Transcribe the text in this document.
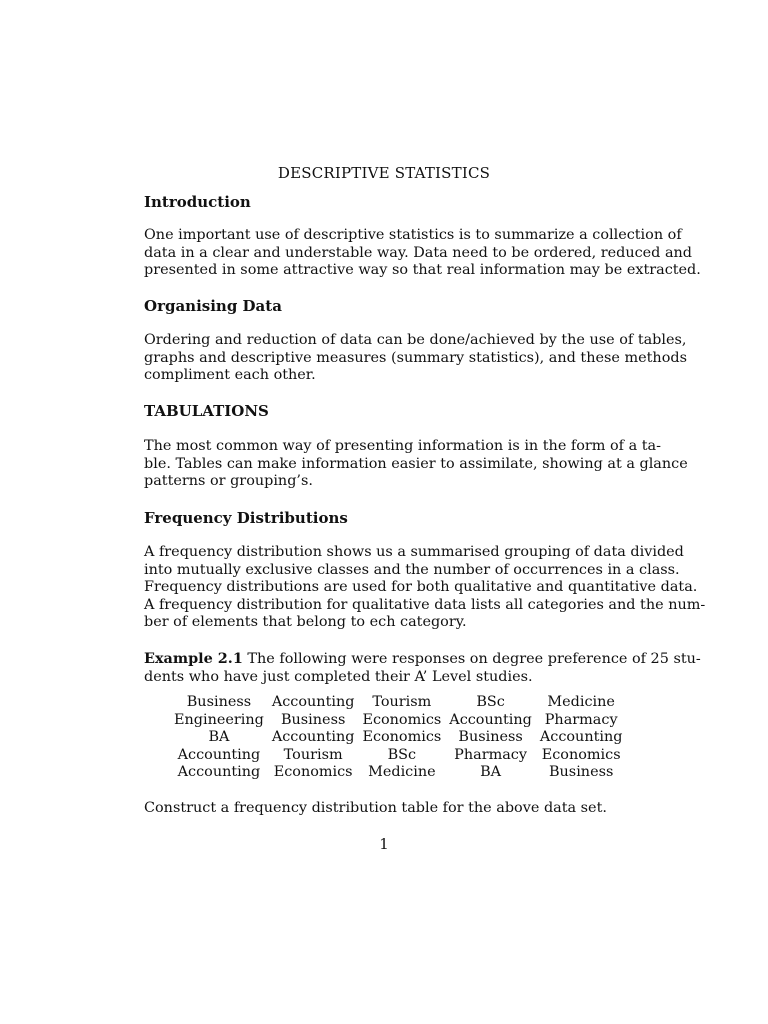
DESCRIPTIVE STATISTICS
Introduction
One important use of descriptive statistics is to summarize a collection of
data in a clear and understable way. Data need to be ordered, reduced and
presented in some attractive way so that real information may be extracted.
Organising Data
Ordering and reduction of data can be done/achieved by the use of tables,
graphs and descriptive measures (summary statistics), and these methods
compliment each other.
TABULATIONS
The most common way of presenting information is in the form of a ta-
ble. Tables can make information easier to assimilate, showing at a glance
patterns or grouping’s.
Frequency Distributions
A frequency distribution shows us a summarised grouping of data divided
into mutually exclusive classes and the number of occurrences in a class.
Frequency distributions are used for both qualitative and quantitative data.
A frequency distribution for qualitative data lists all categories and the num-
ber of elements that belong to ech category.
Example 2.1 The following were responses on degree preference of 25 stu-
dents who have just completed their A’ Level studies.
Business	Accounting	Tourism	BSc	Medicine
Engineering	Business	Economics	Accounting	Pharmacy
BA	Accounting	Economics	Business	Accounting
Accounting	Tourism	BSc	Pharmacy	Economics
Accounting	Economics	Medicine	BA	Business
Construct a frequency distribution table for the above data set.
1
